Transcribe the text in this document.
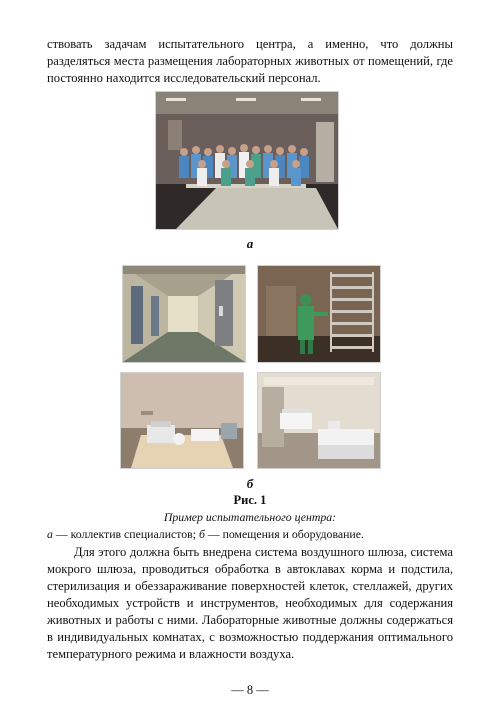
ствовать задачам испытательного центра, а именно, что должны разделяться места размещения лабораторных животных от помещений, где постоянно находится исследовательский персонал.

а
б
Рис. 1
Пример испытательного центра:
а — коллектив специалистов; б — помещения и оборудование.

Для этого должна быть внедрена система воздушного шлюза, система мокрого шлюза, проводиться обработка в автоклавах корма и подстила, стерилизация и обеззараживание поверхностей клеток, стеллажей, других необходимых устройств и инструментов, необходимых для содержания животных и работы с ними. Лабораторные животные должны содержаться в индивидуальных комнатах, с возможностью поддержания оптимального температурного режима и влажности воздуха.

— 8 —
